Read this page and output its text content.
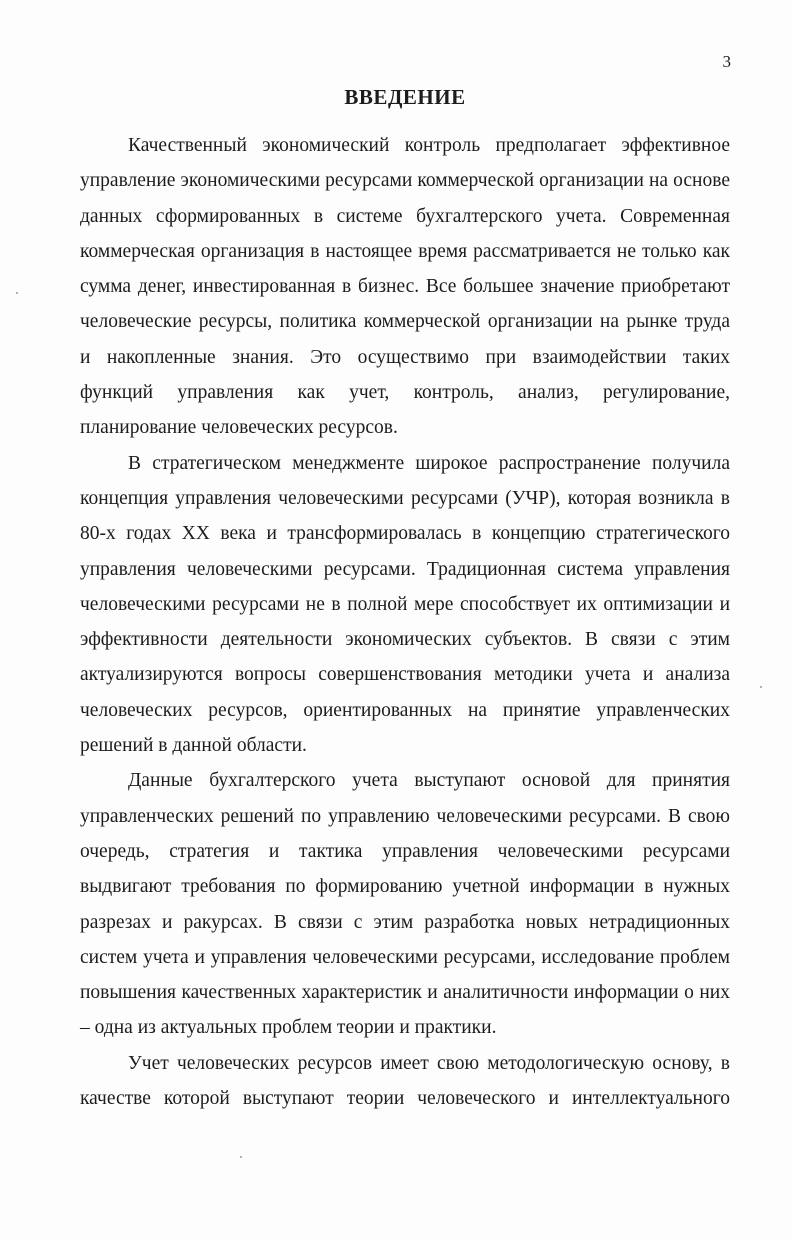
3
ВВЕДЕНИЕ

Качественный экономический контроль предполагает эффективное
управление экономическими ресурсами коммерческой организации на основе
данных сформированных в системе бухгалтерского учета. Современная
коммерческая организация в настоящее время рассматривается не только как
сумма денег, инвестированная в бизнес. Все большее значение приобретают
человеческие ресурсы, политика коммерческой организации на рынке труда
и накопленные знания. Это осуществимо при взаимодействии таких
функций управления как учет, контроль, анализ, регулирование,
планирование человеческих ресурсов.

В стратегическом менеджменте широкое распространение получила
концепция управления человеческими ресурсами (УЧР), которая возникла в
80-х годах XX века и трансформировалась в концепцию стратегического
управления человеческими ресурсами. Традиционная система управления
человеческими ресурсами не в полной мере способствует их оптимизации и
эффективности деятельности экономических субъектов. В связи с этим
актуализируются вопросы совершенствования методики учета и анализа
человеческих ресурсов, ориентированных на принятие управленческих
решений в данной области.

Данные бухгалтерского учета выступают основой для принятия
управленческих решений по управлению человеческими ресурсами. В свою
очередь, стратегия и тактика управления человеческими ресурсами
выдвигают требования по формированию учетной информации в нужных
разрезах и ракурсах. В связи с этим разработка новых нетрадиционных
систем учета и управления человеческими ресурсами, исследование проблем
повышения качественных характеристик и аналитичности информации о них
– одна из актуальных проблем теории и практики.

Учет человеческих ресурсов имеет свою методологическую основу, в
качестве которой выступают теории человеческого и интеллектуального
